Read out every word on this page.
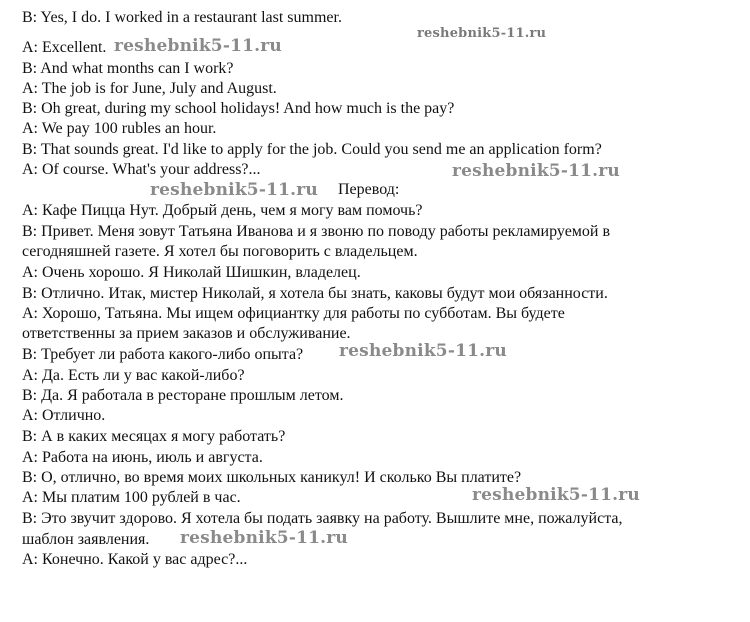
B: Yes, I do. I worked in a restaurant last summer.
A: Excellent.
B: And what months can I work?
A: The job is for June, July and August.
B: Oh great, during my school holidays! And how much is the pay?
A: We pay 100 rubles an hour.
B: That sounds great. I'd like to apply for the job. Could you send me an application form?
A: Of course. What's your address?...
Перевод:
A: Кафе Пицца Нут. Добрый день, чем я могу вам помочь?
B: Привет. Меня зовут Татьяна Иванова и я звоню по поводу работы рекламируемой в
сегодняшней газете. Я хотел бы поговорить с владельцем.
A: Очень хорошо. Я Николай Шишкин, владелец.
B: Отлично. Итак, мистер Николай, я хотела бы знать, каковы будут мои обязанности.
A: Хорошо, Татьяна. Мы ищем официантку для работы по субботам. Вы будете
ответственны за прием заказов и обслуживание.
B: Требует ли работа какого-либо опыта?
A: Да. Есть ли у вас какой-либо?
B: Да. Я работала в ресторане прошлым летом.
A: Отлично.
B: А в каких месяцах я могу работать?
A: Работа на июнь, июль и августа.
B: О, отлично, во время моих школьных каникул! И сколько Вы платите?
A: Мы платим 100 рублей в час.
B: Это звучит здорово. Я хотела бы подать заявку на работу. Вышлите мне, пожалуйста,
шаблон заявления.
A: Конечно. Какой у вас адрес?...
reshebnik5-11.ru
reshebnik5-11.ru
reshebnik5-11.ru
reshebnik5-11.ru
reshebnik5-11.ru
reshebnik5-11.ru
reshebnik5-11.ru
